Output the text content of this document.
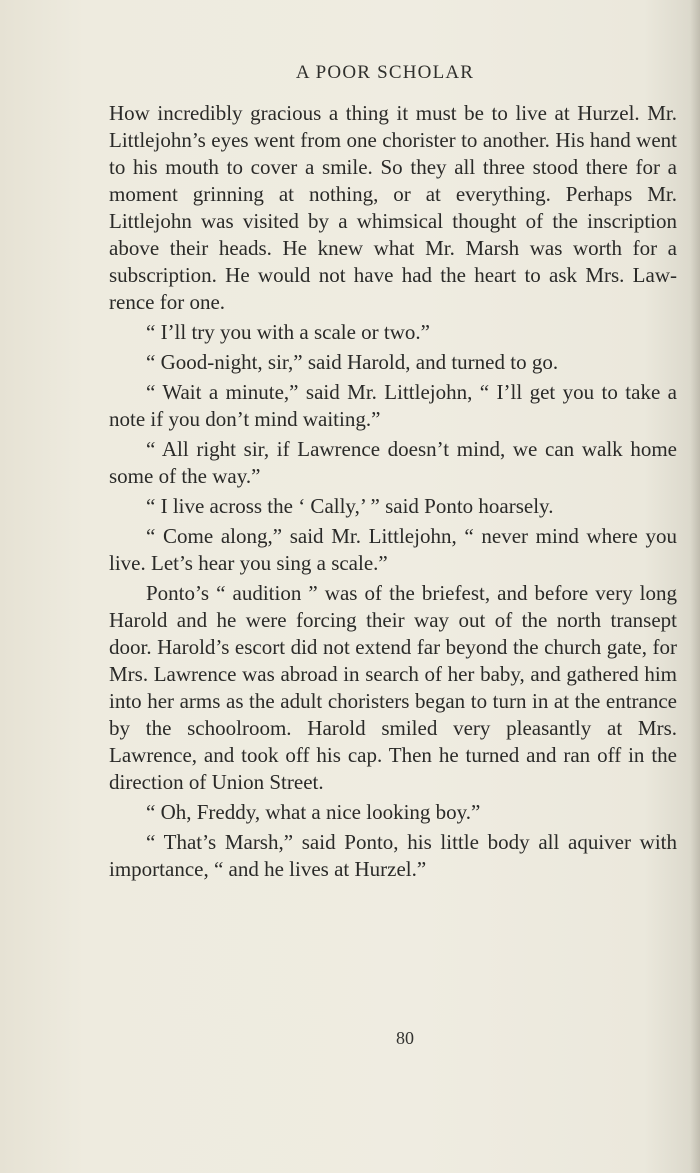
A POOR SCHOLAR

How incredibly gracious a thing it must be to live at Hurzel. Mr. Littlejohn’s eyes went from one chorister to another. His hand went to his mouth to cover a smile. So they all three stood there for a moment grinning at nothing, or at everything. Perhaps Mr. Littlejohn was visited by a whimsical thought of the inscription above their heads. He knew what Mr. Marsh was worth for a subscription. He would not have had the heart to ask Mrs. Lawrence for one.

“ I’ll try you with a scale or two.”

“ Good-night, sir,” said Harold, and turned to go.

“ Wait a minute,” said Mr. Littlejohn, “ I’ll get you to take a note if you don’t mind waiting.”

“ All right sir, if Lawrence doesn’t mind, we can walk home some of the way.”

“ I live across the ‘ Cally,’ ” said Ponto hoarsely.

“ Come along,” said Mr. Littlejohn, “ never mind where you live. Let’s hear you sing a scale.”

Ponto’s “ audition ” was of the briefest, and before very long Harold and he were forcing their way out of the north transept door. Harold’s escort did not extend far beyond the church gate, for Mrs. Lawrence was abroad in search of her baby, and gathered him into her arms as the adult choristers began to turn in at the entrance by the schoolroom. Harold smiled very pleasantly at Mrs. Lawrence, and took off his cap. Then he turned and ran off in the direction of Union Street.

“ Oh, Freddy, what a nice looking boy.”

“ That’s Marsh,” said Ponto, his little body all aquiver with importance, “ and he lives at Hurzel.”

80
